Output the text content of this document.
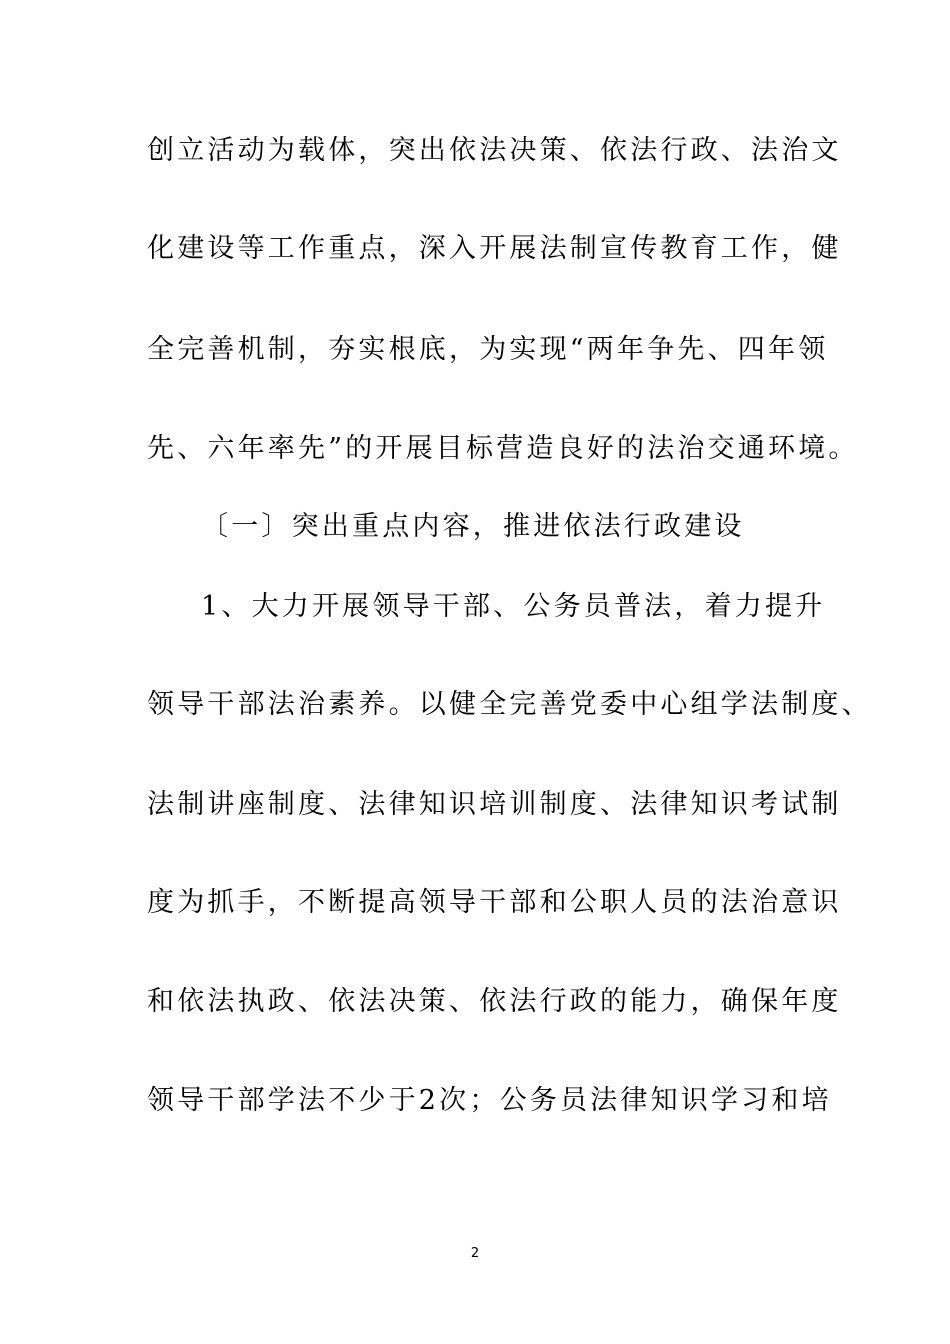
创立活动为载体，突出依法决策、依法行政、法治文
化建设等工作重点，深入开展法制宣传教育工作，健
全完善机制，夯实根底，为实现“两年争先、四年领
先、六年率先”的开展目标营造良好的法治交通环境。
〔一〕突出重点内容，推进依法行政建设
1、大力开展领导干部、公务员普法，着力提升
领导干部法治素养。以健全完善党委中心组学法制度、
法制讲座制度、法律知识培训制度、法律知识考试制
度为抓手，不断提高领导干部和公职人员的法治意识
和依法执政、依法决策、依法行政的能力，确保年度
领导干部学法不少于2次；公务员法律知识学习和培
2
